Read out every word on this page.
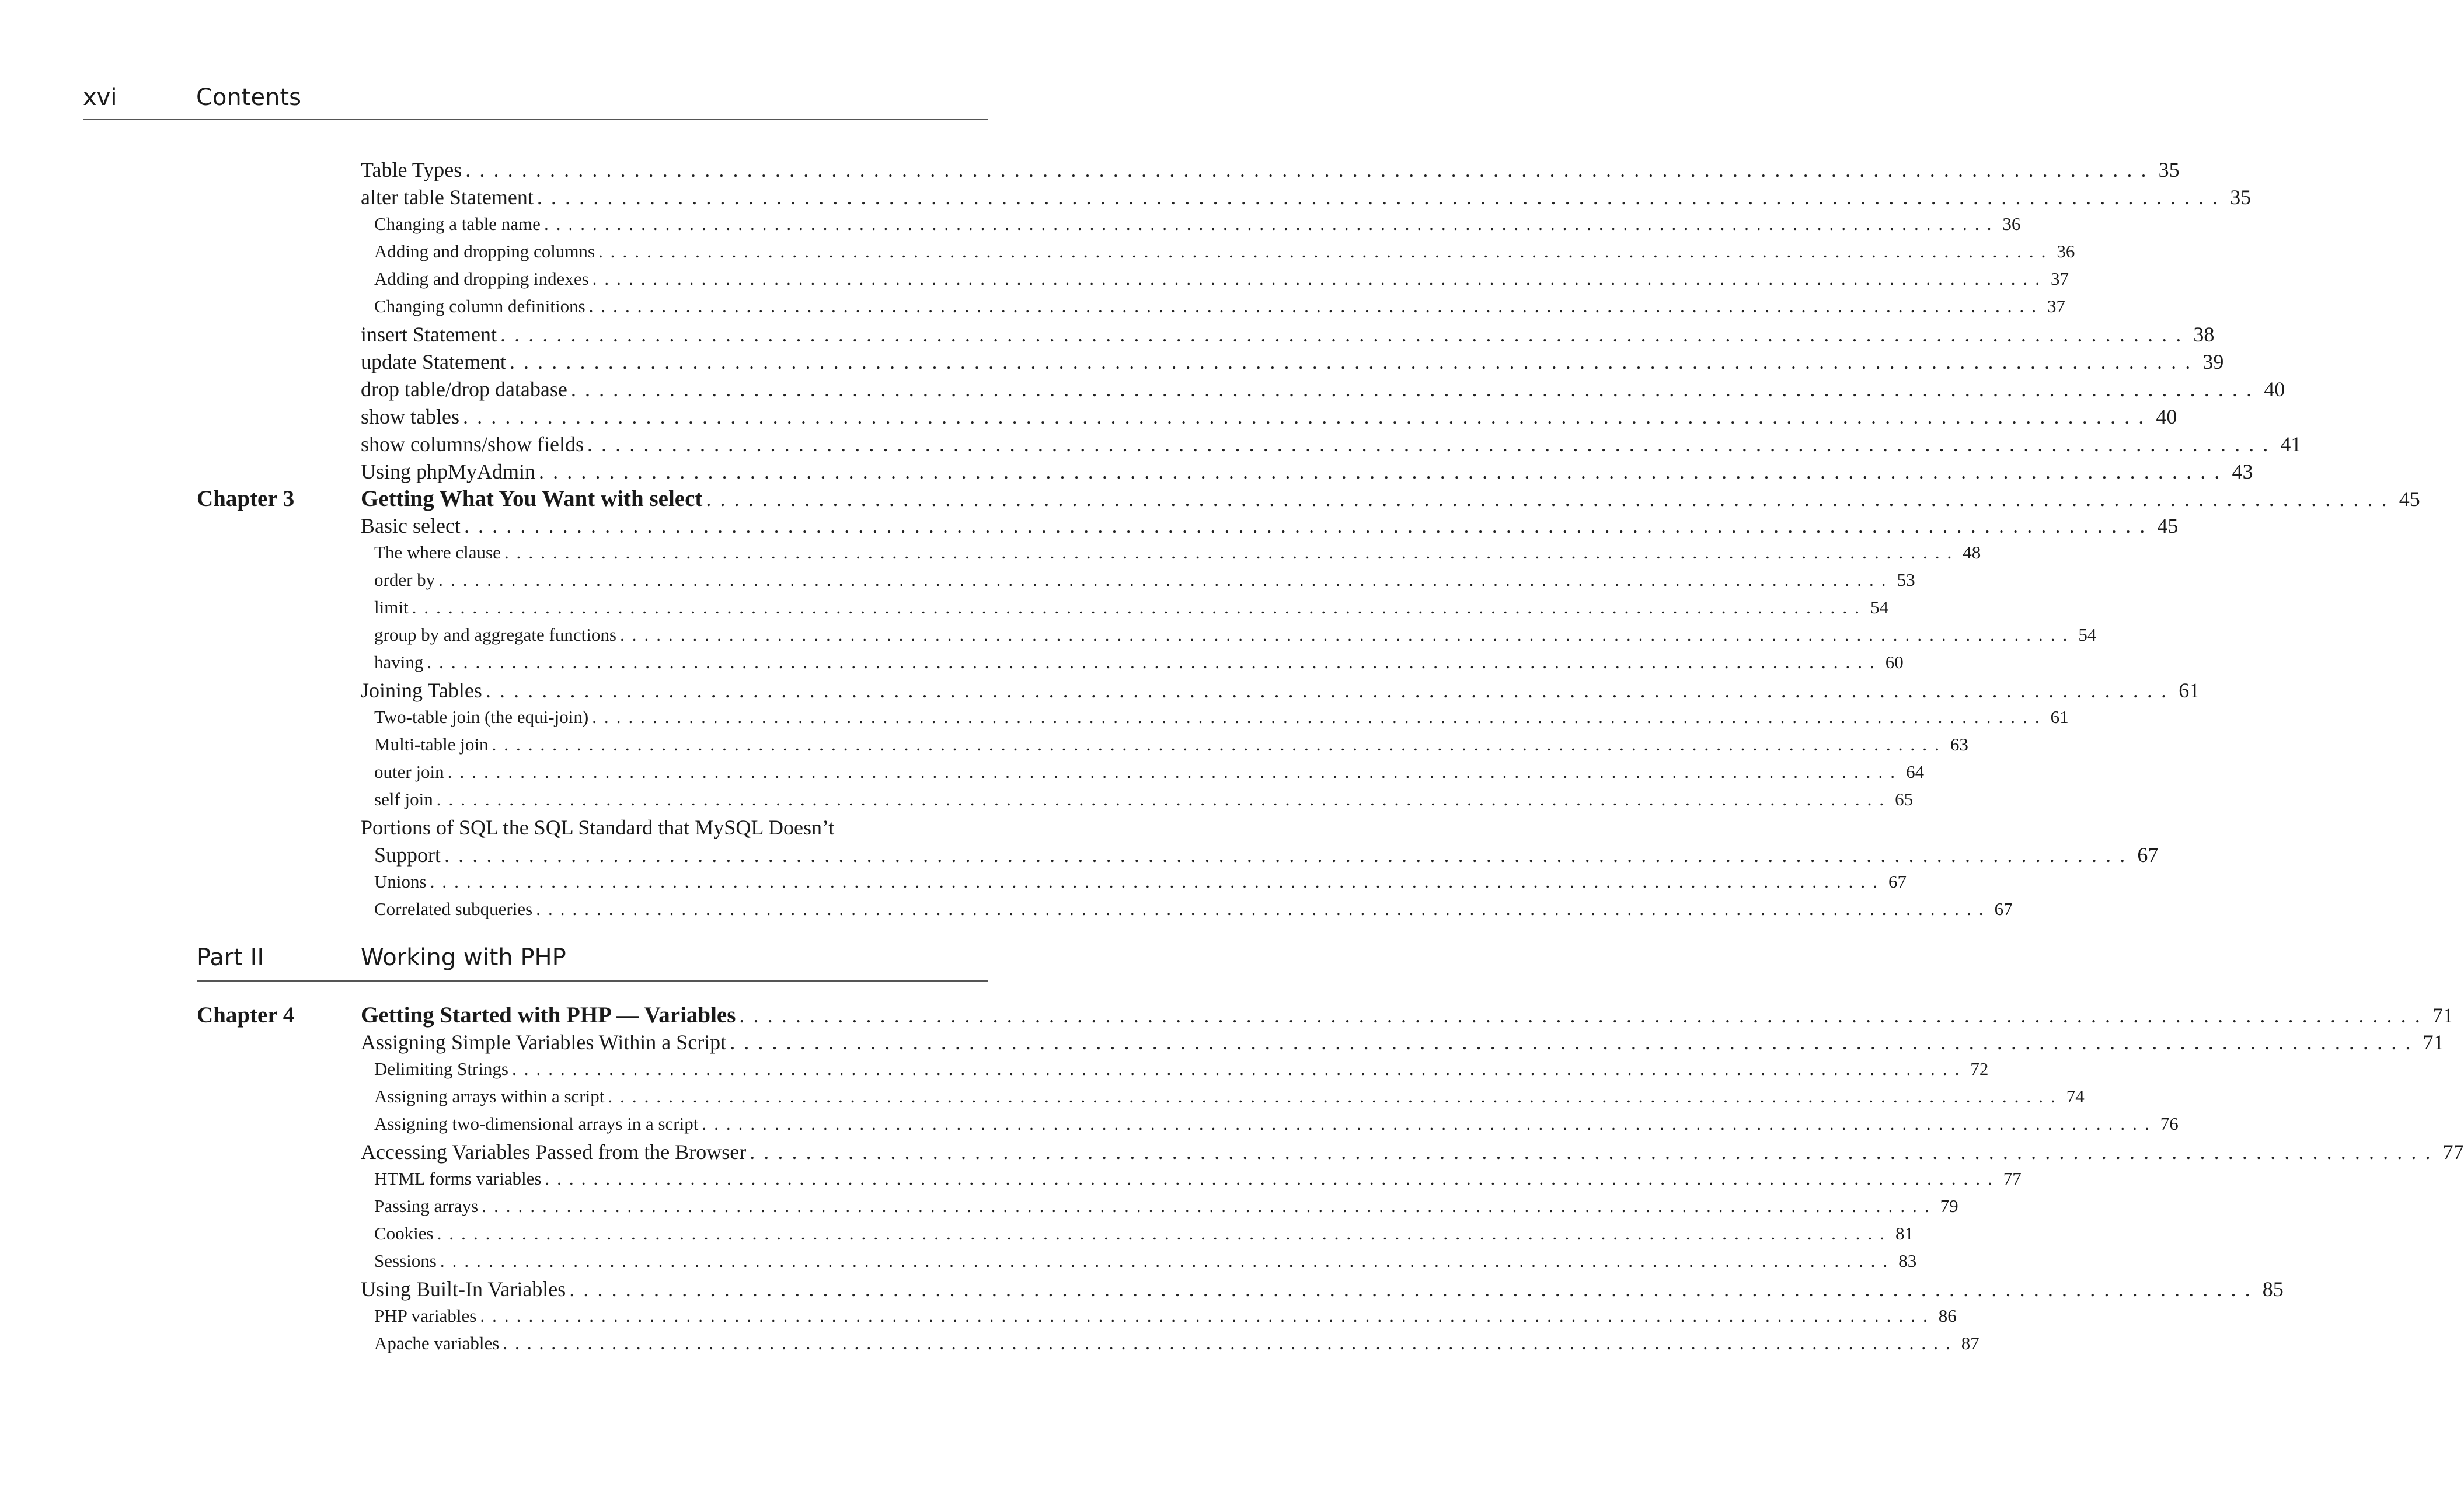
xvi	Contents
Table Types ........................................................................................................................ 35
alter table Statement ........................................................................................................................ 35
Changing a table name ........................................................................................................................ 36
Adding and dropping columns ........................................................................................................................ 36
Adding and dropping indexes ........................................................................................................................ 37
Changing column definitions ........................................................................................................................ 37
insert Statement ........................................................................................................................ 38
update Statement ........................................................................................................................ 39
drop table/drop database ........................................................................................................................ 40
show tables ........................................................................................................................ 40
show columns/show fields ........................................................................................................................ 41
Using phpMyAdmin ........................................................................................................................ 43
Chapter 3	Getting What You Want with select ........................................................................................................................ 45
Basic select ........................................................................................................................ 45
The where clause ........................................................................................................................ 48
order by ........................................................................................................................ 53
limit ........................................................................................................................ 54
group by and aggregate functions ........................................................................................................................ 54
having ........................................................................................................................ 60
Joining Tables ........................................................................................................................ 61
Two-table join (the equi-join) ........................................................................................................................ 61
Multi-table join ........................................................................................................................ 63
outer join ........................................................................................................................ 64
self join ........................................................................................................................ 65
Portions of SQL the SQL Standard that MySQL Doesn’t
Support ........................................................................................................................ 67
Unions ........................................................................................................................ 67
Correlated subqueries ........................................................................................................................ 67
Part II	Working with PHP
Chapter 4	Getting Started with PHP — Variables ........................................................................................................................ 71
Assigning Simple Variables Within a Script ........................................................................................................................ 71
Delimiting Strings ........................................................................................................................ 72
Assigning arrays within a script ........................................................................................................................ 74
Assigning two-dimensional arrays in a script ........................................................................................................................ 76
Accessing Variables Passed from the Browser ........................................................................................................................ 77
HTML forms variables ........................................................................................................................ 77
Passing arrays ........................................................................................................................ 79
Cookies ........................................................................................................................ 81
Sessions ........................................................................................................................ 83
Using Built-In Variables ........................................................................................................................ 85
PHP variables ........................................................................................................................ 86
Apache variables ........................................................................................................................ 87
